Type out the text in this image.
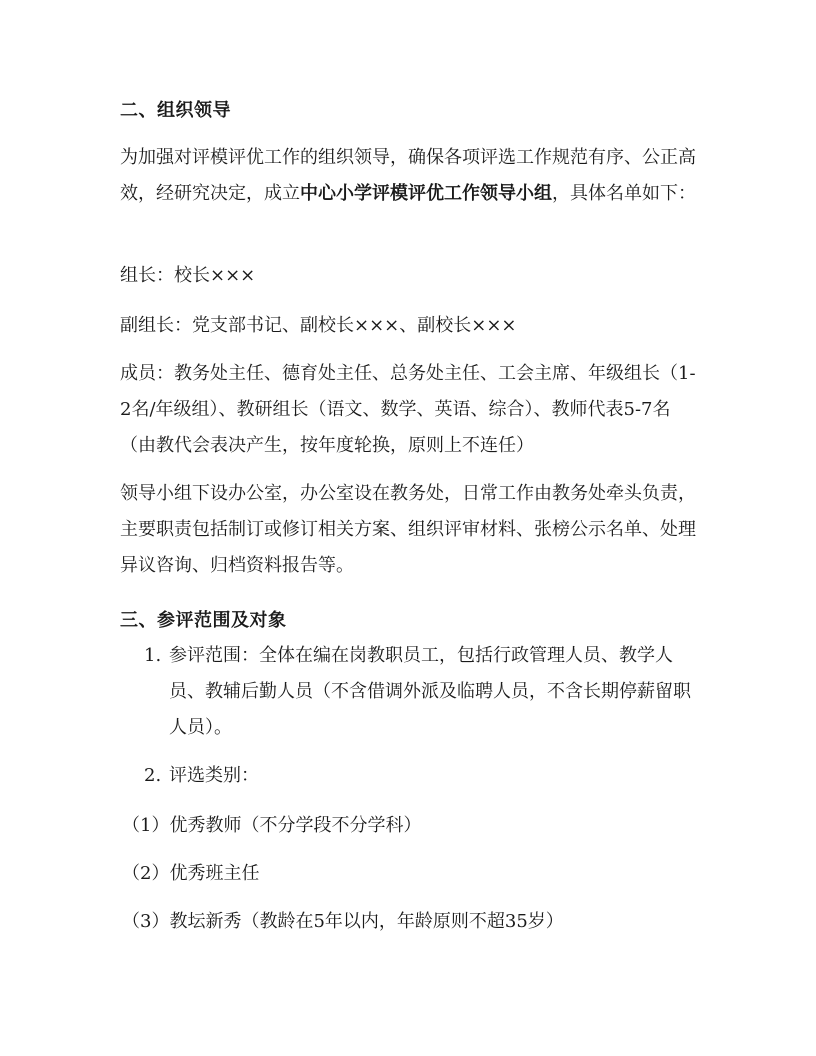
二、组织领导
为加强对评模评优工作的组织领导，确保各项评选工作规范有序、公正高效，经研究决定，成立中心小学评模评优工作领导小组，具体名单如下：
组长：校长×××
副组长：党支部书记、副校长×××、副校长×××
成员：教务处主任、德育处主任、总务处主任、工会主席、年级组长（1-2名/年级组）、教研组长（语文、数学、英语、综合）、教师代表5-7名（由教代会表决产生，按年度轮换，原则上不连任）
领导小组下设办公室，办公室设在教务处，日常工作由教务处牵头负责，主要职责包括制订或修订相关方案、组织评审材料、张榜公示名单、处理异议咨询、归档资料报告等。
三、参评范围及对象
1. 参评范围：全体在编在岗教职员工，包括行政管理人员、教学人员、教辅后勤人员（不含借调外派及临聘人员，不含长期停薪留职人员）。
2. 评选类别：
（1）优秀教师（不分学段不分学科）
（2）优秀班主任
（3）教坛新秀（教龄在5年以内，年龄原则不超35岁）
